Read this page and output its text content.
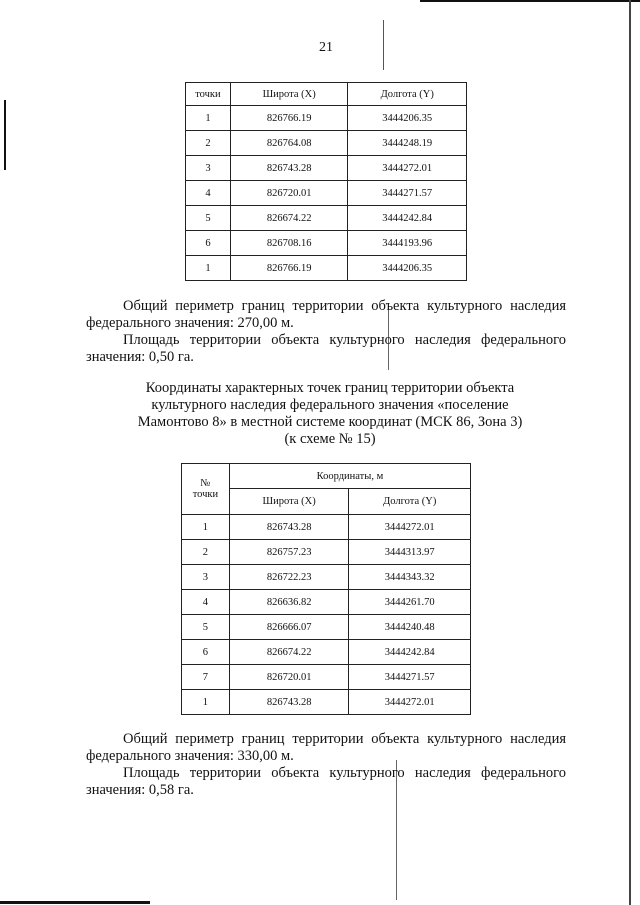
21
точки	Широта (X)	Долгота (Y)
1	826766.19	3444206.35
2	826764.08	3444248.19
3	826743.28	3444272.01
4	826720.01	3444271.57
5	826674.22	3444242.84
6	826708.16	3444193.96
1	826766.19	3444206.35
Общий периметр границ территории объекта культурного наследия федерального значения: 270,00 м.
Площадь территории объекта культурного наследия федерального значения: 0,50 га.
Координаты характерных точек границ территории объекта
культурного наследия федерального значения «поселение
Мамонтово 8» в местной системе координат (МСК 86, Зона 3)
(к схеме № 15)
№
точки	Координаты, м	
	Широта (X)	Долгота (Y)
1	826743.28	3444272.01
2	826757.23	3444313.97
3	826722.23	3444343.32
4	826636.82	3444261.70
5	826666.07	3444240.48
6	826674.22	3444242.84
7	826720.01	3444271.57
1	826743.28	3444272.01
Общий периметр границ территории объекта культурного наследия федерального значения: 330,00 м.
Площадь территории объекта культурного наследия федерального значения: 0,58 га.
